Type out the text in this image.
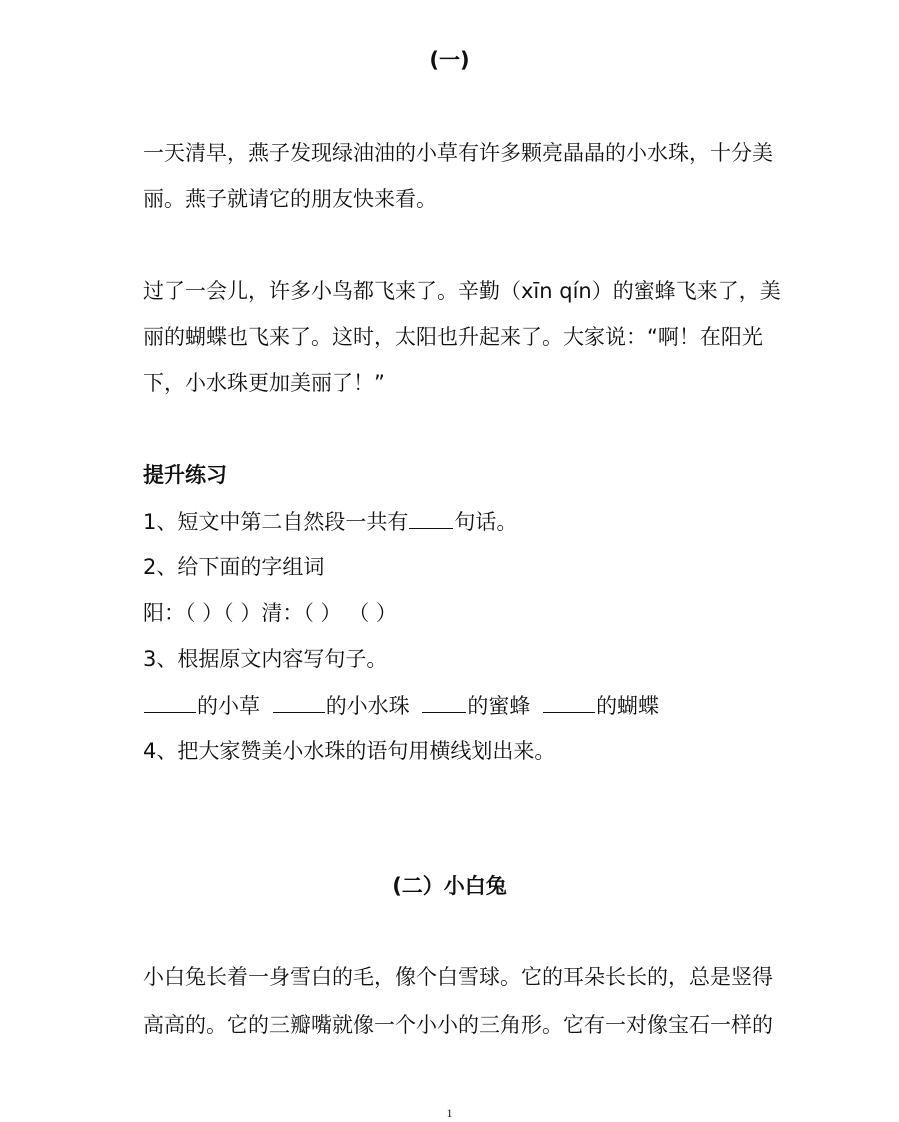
(一)
一天清早，燕子发现绿油油的小草有许多颗亮晶晶的小水珠，十分美
丽。燕子就请它的朋友快来看。
过了一会儿，许多小鸟都飞来了。辛勤（xīn qín）的蜜蜂飞来了，美
丽的蝴蝶也飞来了。这时，太阳也升起来了。大家说：“啊！在阳光
下，小水珠更加美丽了！”
提升练习
1、短文中第二自然段一共有 句话。
2、给下面的字组词
阳：（ ）（ ）清：（ ） （ ）
3、根据原文内容写句子。
的小草	的小水珠	的蜜蜂	的蝴蝶
4、把大家赞美小水珠的语句用横线划出来。
(二）小白兔
小白兔长着一身雪白的毛，像个白雪球。它的耳朵长长的，总是竖得
高高的。它的三瓣嘴就像一个小小的三角形。它有一对像宝石一样的
1
